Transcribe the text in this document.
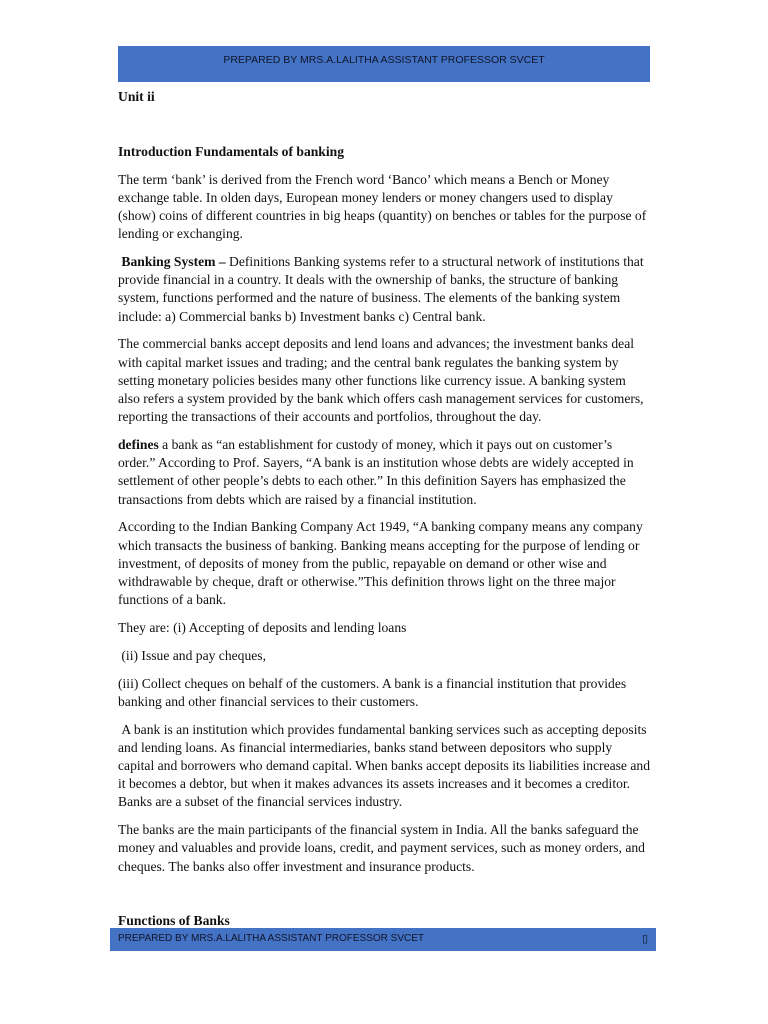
PREPARED BY MRS.A.LALITHA ASSISTANT PROFESSOR SVCET

Unit ii

Introduction Fundamentals of banking

The term ‘bank’ is derived from the French word ‘Banco’ which means a Bench or Money exchange table. In olden days, European money lenders or money changers used to display (show) coins of different countries in big heaps (quantity) on benches or tables for the purpose of lending or exchanging.

Banking System – Definitions Banking systems refer to a structural network of institutions that provide financial in a country. It deals with the ownership of banks, the structure of banking system, functions performed and the nature of business. The elements of the banking system include: a) Commercial banks b) Investment banks c) Central bank.

The commercial banks accept deposits and lend loans and advances; the investment banks deal with capital market issues and trading; and the central bank regulates the banking system by setting monetary policies besides many other functions like currency issue. A banking system also refers a system provided by the bank which offers cash management services for customers, reporting the transactions of their accounts and portfolios, throughout the day.

defines a bank as “an establishment for custody of money, which it pays out on customer’s order.” According to Prof. Sayers, “A bank is an institution whose debts are widely accepted in settlement of other people’s debts to each other.” In this definition Sayers has emphasized the transactions from debts which are raised by a financial institution.

According to the Indian Banking Company Act 1949, “A banking company means any company which transacts the business of banking. Banking means accepting for the purpose of lending or investment, of deposits of money from the public, repayable on demand or other wise and withdrawable by cheque, draft or otherwise.”This definition throws light on the three major functions of a bank.

They are: (i) Accepting of deposits and lending loans

(ii) Issue and pay cheques,

(iii) Collect cheques on behalf of the customers. A bank is a financial institution that provides banking and other financial services to their customers.

A bank is an institution which provides fundamental banking services such as accepting deposits and lending loans. As financial intermediaries, banks stand between depositors who supply capital and borrowers who demand capital. When banks accept deposits its liabilities increase and it becomes a debtor, but when it makes advances its assets increases and it becomes a creditor. Banks are a subset of the financial services industry.

The banks are the main participants of the financial system in India. All the banks safeguard the money and valuables and provide loans, credit, and payment services, such as money orders, and cheques. The banks also offer investment and insurance products.

Functions of Banks

PREPARED BY MRS.A.LALITHA ASSISTANT PROFESSOR SVCET	▯
